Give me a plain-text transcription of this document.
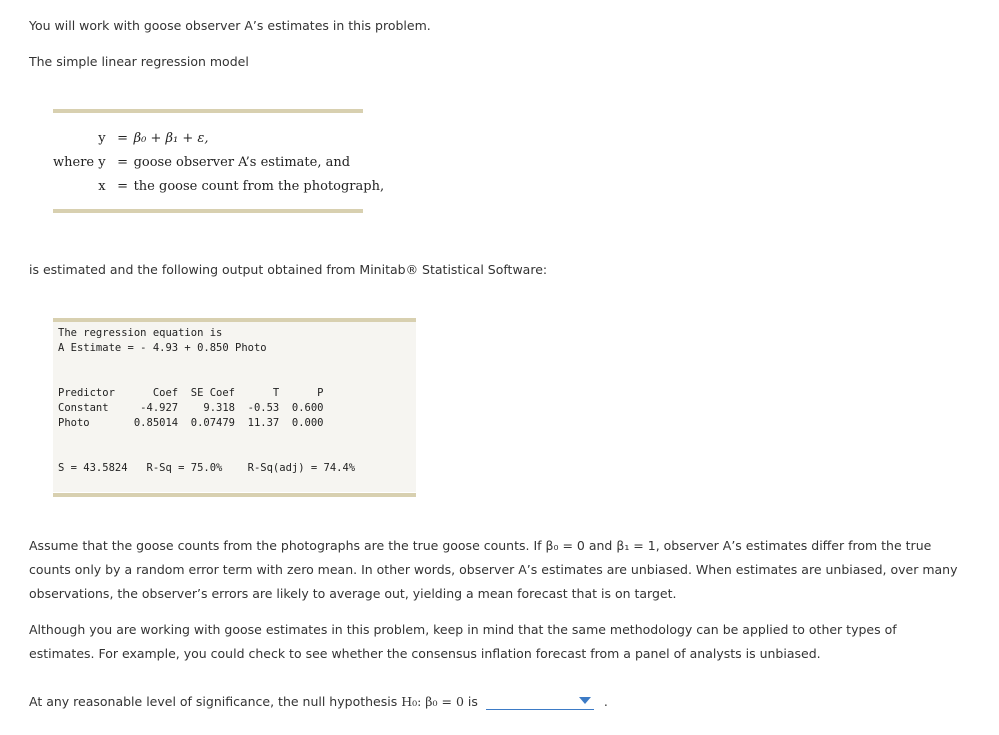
You will work with goose observer A’s estimates in this problem.

The simple linear regression model

y	=	β₀ + β₁ + ε,
where y	=	goose observer A’s estimate, and
x	=	the goose count from the photograph,

is estimated and the following output obtained from Minitab® Statistical Software:

The regression equation is
A Estimate = - 4.93 + 0.850 Photo
Predictor      Coef  SE Coef      T      P
Constant     -4.927    9.318  -0.53  0.600
Photo       0.85014  0.07479  11.37  0.000
S = 43.5824   R-Sq = 75.0%    R-Sq(adj) = 74.4%

Assume that the goose counts from the photographs are the true goose counts. If β₀ = 0 and β₁ = 1, observer A’s estimates differ from the true counts only by a random error term with zero mean. In other words, observer A’s estimates are unbiased. When estimates are unbiased, over many observations, the observer’s errors are likely to average out, yielding a mean forecast that is on target.

Although you are working with goose estimates in this problem, keep in mind that the same methodology can be applied to other types of estimates. For example, you could check to see whether the consensus inflation forecast from a panel of analysts is unbiased.

At any reasonable level of significance, the null hypothesis H₀: β₀ = 0 is	.
